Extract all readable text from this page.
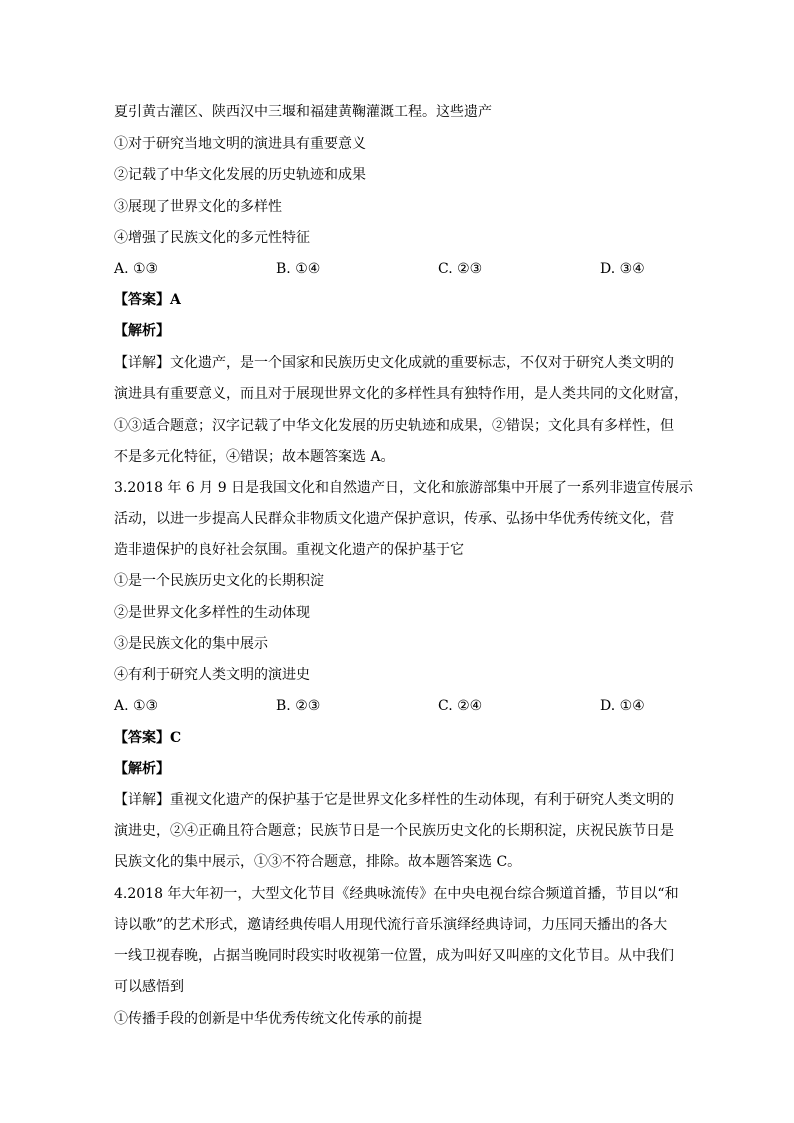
夏引黄古灌区、陕西汉中三堰和福建黄鞠灌溉工程。这些遗产
①对于研究当地文明的演进具有重要意义
②记载了中华文化发展的历史轨迹和成果
③展现了世界文化的多样性
④增强了民族文化的多元性特征
A. ①③	B. ①④	C. ②③	D. ③④
【答案】A
【解析】
【详解】文化遗产，是一个国家和民族历史文化成就的重要标志，不仅对于研究人类文明的
演进具有重要意义，而且对于展现世界文化的多样性具有独特作用，是人类共同的文化财富，
①③适合题意；汉字记载了中华文化发展的历史轨迹和成果，②错误；文化具有多样性，但
不是多元化特征，④错误；故本题答案选 A。
3.2018 年 6 月 9 日是我国文化和自然遗产日，文化和旅游部集中开展了一系列非遗宣传展示
活动，以进一步提高人民群众非物质文化遗产保护意识，传承、弘扬中华优秀传统文化，营
造非遗保护的良好社会氛围。重视文化遗产的保护基于它
①是一个民族历史文化的长期积淀
②是世界文化多样性的生动体现
③是民族文化的集中展示
④有利于研究人类文明的演进史
A. ①③	B. ②③	C. ②④	D. ①④
【答案】C
【解析】
【详解】重视文化遗产的保护基于它是世界文化多样性的生动体现，有利于研究人类文明的
演进史，②④正确且符合题意；民族节日是一个民族历史文化的长期积淀，庆祝民族节日是
民族文化的集中展示，①③不符合题意，排除。故本题答案选 C。
4.2018 年大年初一，大型文化节目《经典咏流传》在中央电视台综合频道首播，节目以“和
诗以歌”的艺术形式，邀请经典传唱人用现代流行音乐演绎经典诗词，力压同天播出的各大
一线卫视春晚，占据当晚同时段实时收视第一位置，成为叫好又叫座的文化节目。从中我们
可以感悟到
①传播手段的创新是中华优秀传统文化传承的前提
